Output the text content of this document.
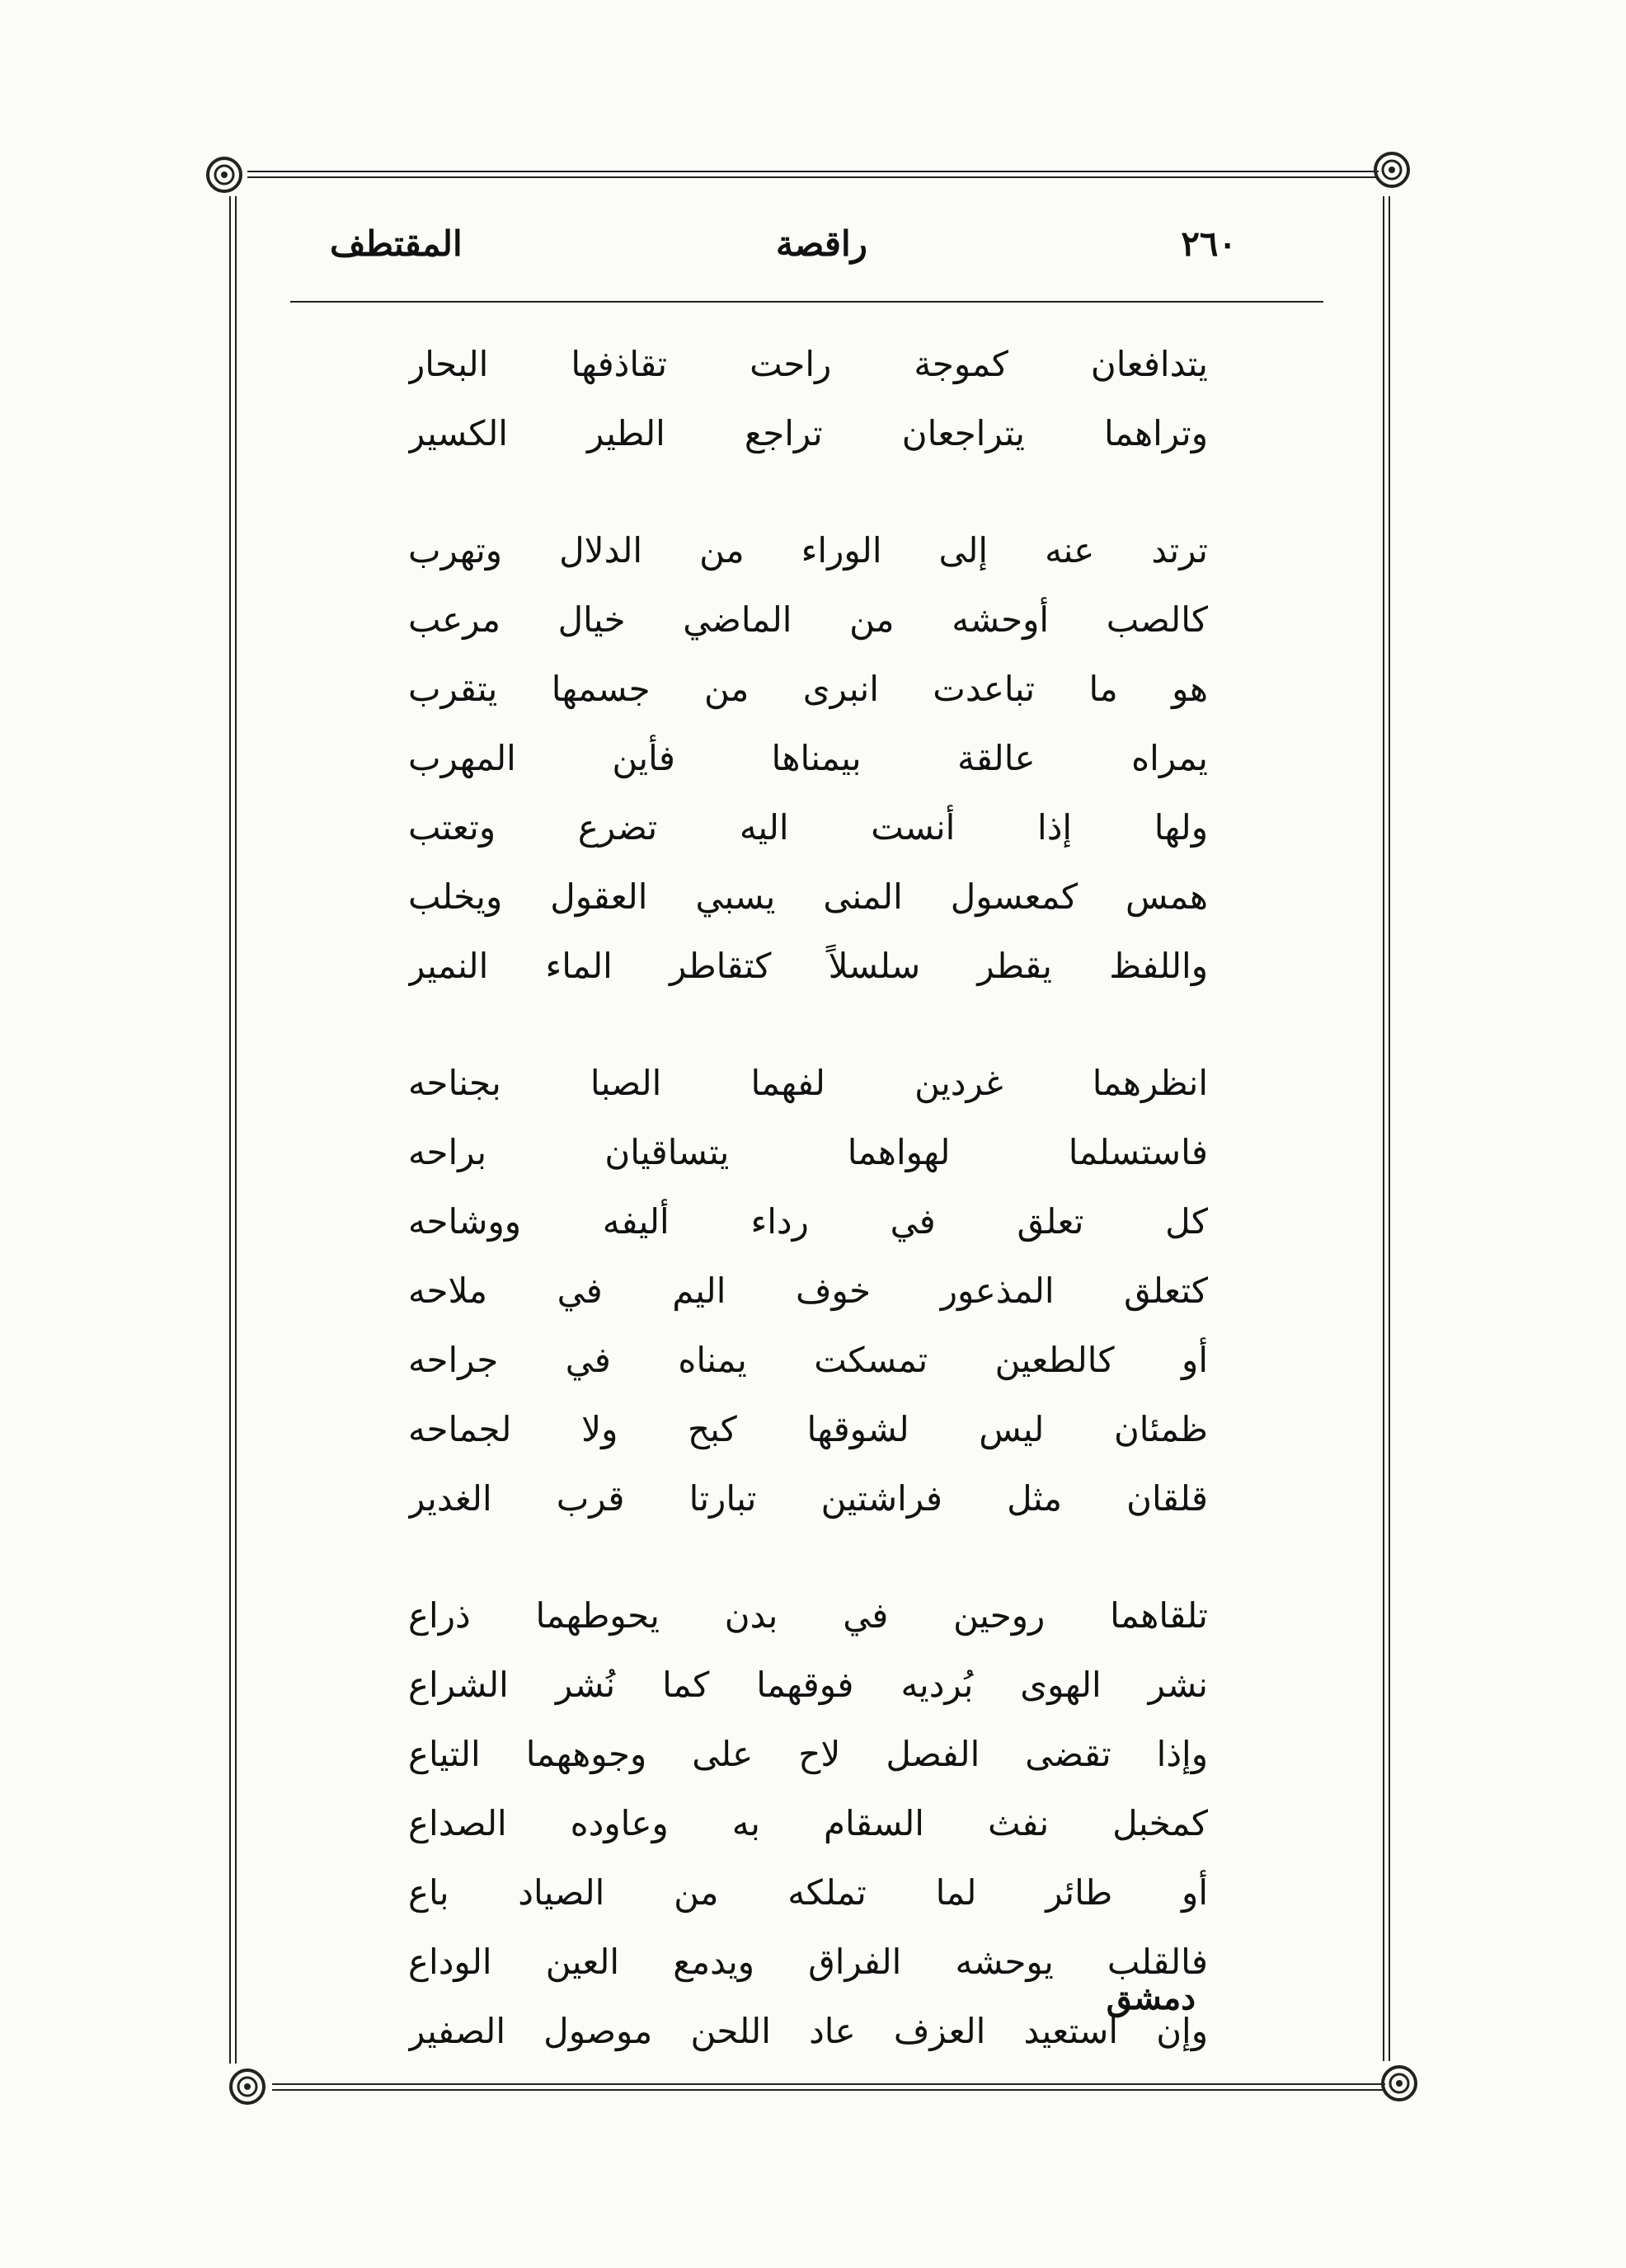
٢٦٠
راقصة
المقتطف
يتدافعان كموجة راحت تقاذفها البحار
وتراهما يتراجعان تراجع الطير الكسير
ترتد عنه إلى الوراء من الدلال وتهرب
كالصب أوحشه من الماضي خيال مرعب
هو ما تباعدت انبرى من جسمها يتقرب
يمراه عالقة بيمناها فأين المهرب
ولها إذا أنست اليه تضرع وتعتب
همس كمعسول المنى يسبي العقول ويخلب
واللفظ يقطر سلسلاً كتقاطر الماء النمير
انظرهما غردين لفهما الصبا بجناحه
فاستسلما لهواهما يتساقيان براحه
كل تعلق في رداء أليفه ووشاحه
كتعلق المذعور خوف اليم في ملاحه
أو كالطعين تمسكت يمناه في جراحه
ظمئان ليس لشوقها كبح ولا لجماحه
قلقان مثل فراشتين تبارتا قرب الغدير
تلقاهما روحين في بدن يحوطهما ذراع
نشر الهوى بُرديه فوقهما كما نُشر الشراع
وإذا تقضى الفصل لاح على وجوههما التياع
كمخبل نفث السقام به وعاوده الصداع
أو طائر لما تملكه من الصياد باع
فالقلب يوحشه الفراق ويدمع العين الوداع
وإن استعيد العزف عاد اللحن موصول الصفير
دمشق
